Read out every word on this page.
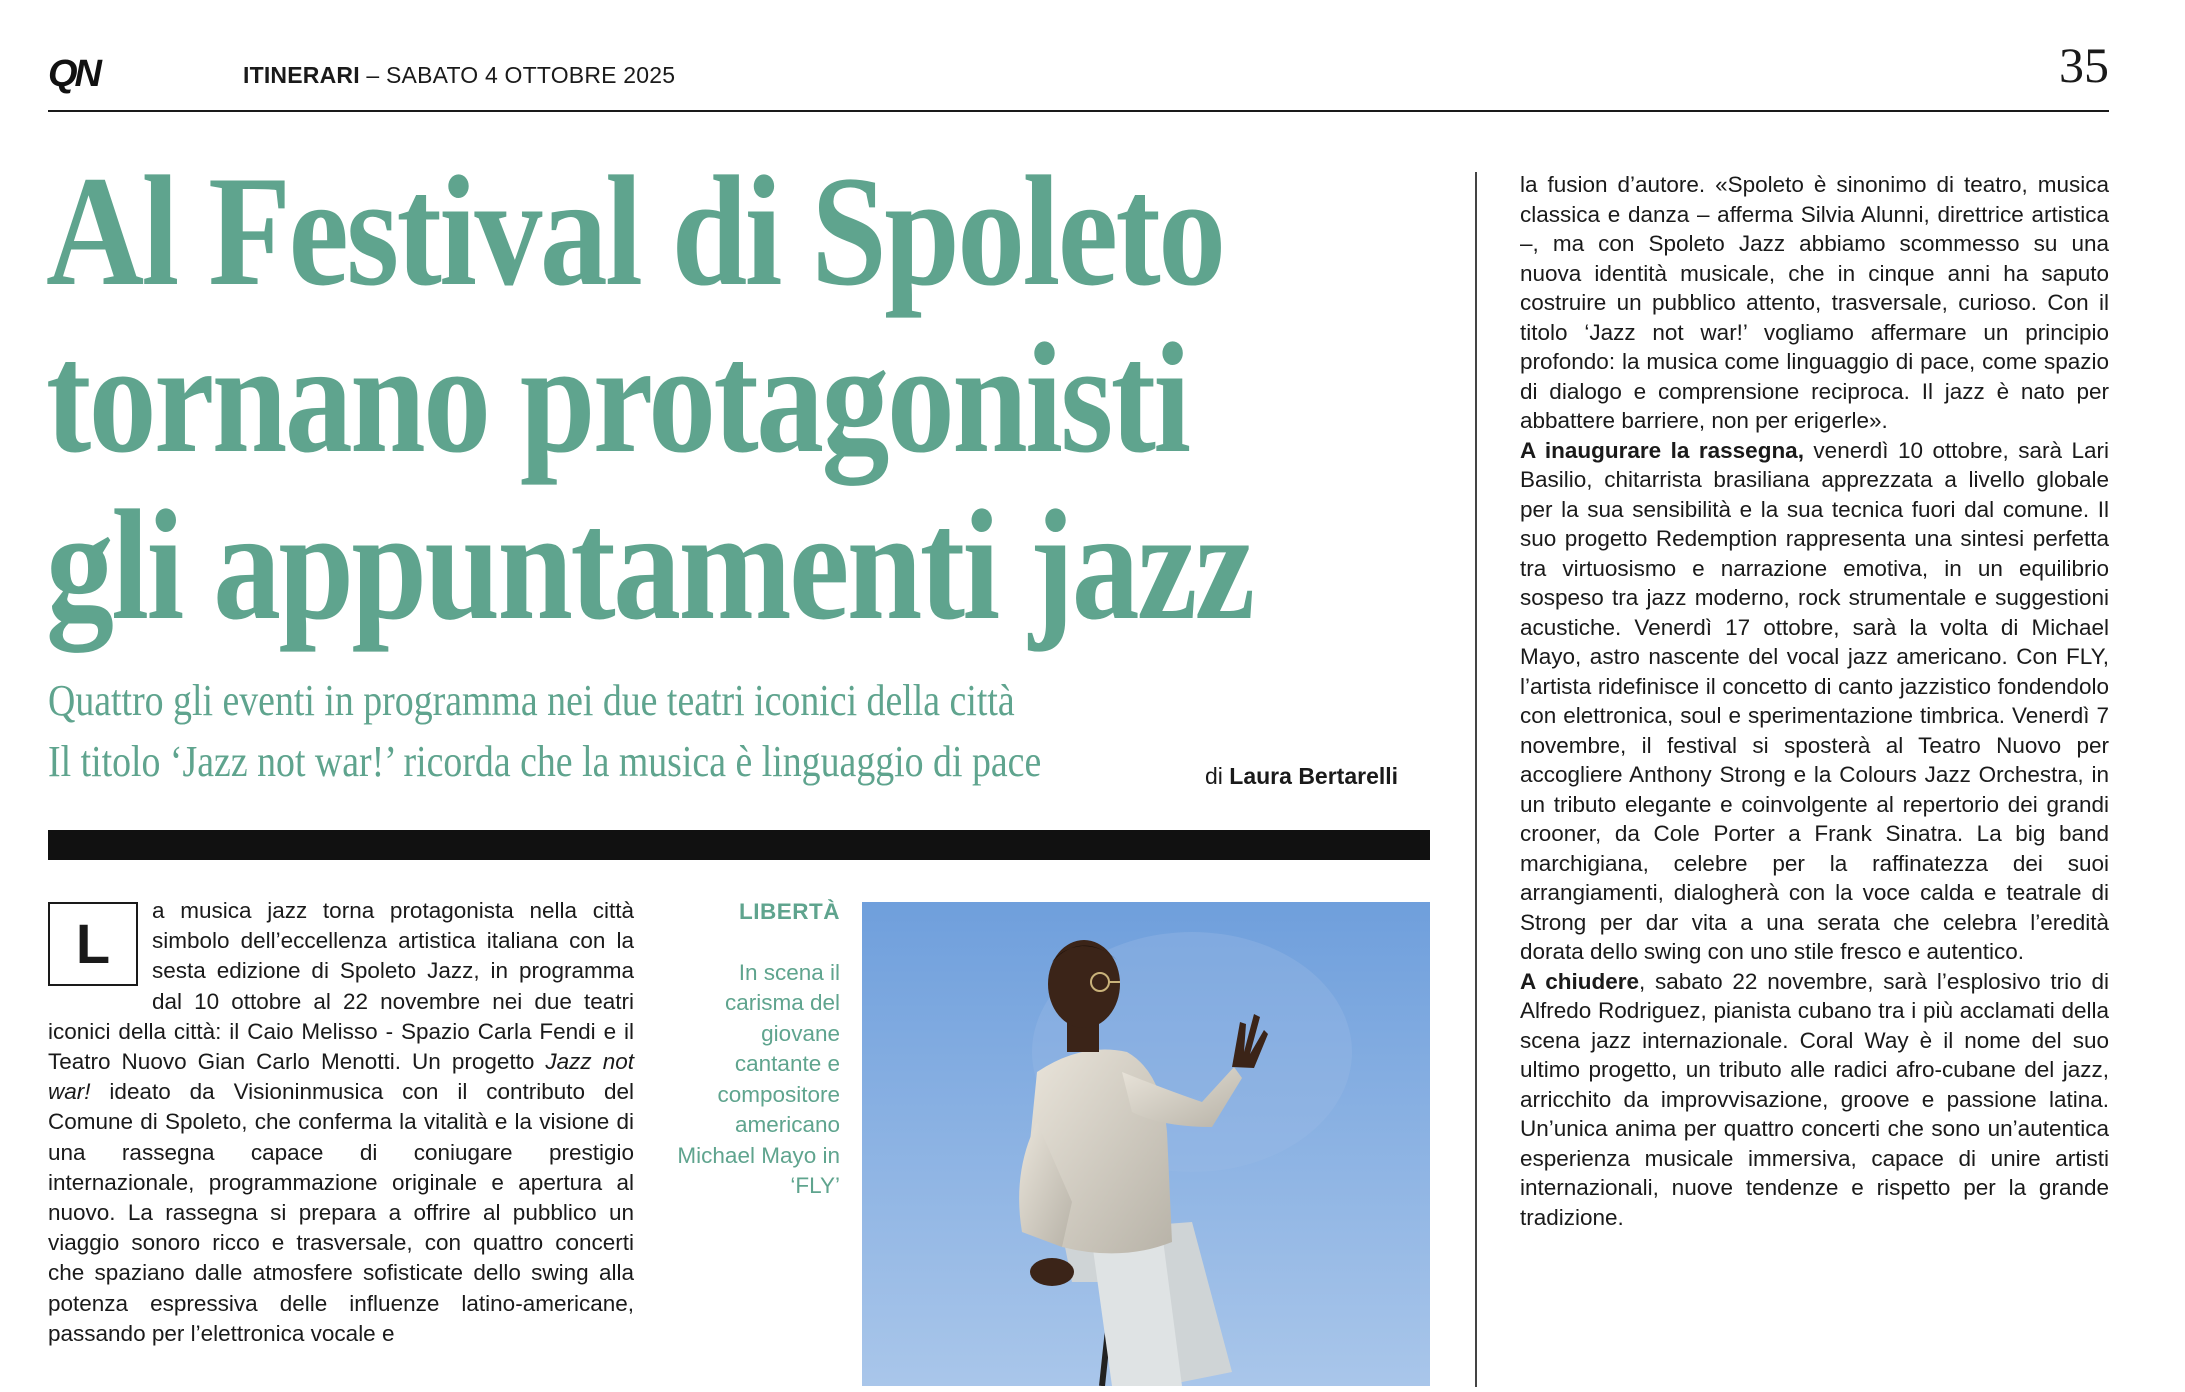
QN	ITINERARI – SABATO 4 OTTOBRE 2025	35
Al Festival di Spoleto
tornano protagonisti
gli appuntamenti jazz
Quattro gli eventi in programma nei due teatri iconici della città
Il titolo ‘Jazz not war!’ ricorda che la musica è linguaggio di pace	di Laura Bertarelli
L
a musica jazz torna protagonista nella città simbolo dell’eccellenza artistica italiana con la sesta edizione di Spoleto Jazz, in programma dal 10 ottobre al 22 novembre nei due teatri iconici della città: il Caio Melisso - Spazio Carla Fendi e il Teatro Nuovo Gian Carlo Menotti. Un progetto Jazz not war! ideato da Visioninmusica con il contributo del Comune di Spoleto, che conferma la vitalità e la visione di una rassegna capace di coniugare prestigio internazionale, programmazione originale e apertura al nuovo. La rassegna si prepara a offrire al pubblico un viaggio sonoro ricco e trasversale, con quattro concerti che spaziano dalle atmosfere sofisticate dello swing alla potenza espressiva delle influenze latino-americane, passando per l’elettronica vocale e
LIBERTÀ
In scena il carisma del giovane cantante e compositore americano Michael Mayo in ‘FLY’

la fusion d’autore. «Spoleto è sinonimo di teatro, musica classica e danza – afferma Silvia Alunni, direttrice artistica –, ma con Spoleto Jazz abbiamo scommesso su una nuova identità musicale, che in cinque anni ha saputo costruire un pubblico attento, trasversale, curioso. Con il titolo ‘Jazz not war!’ vogliamo affermare un principio profondo: la musica come linguaggio di pace, come spazio di dialogo e comprensione reciproca. Il jazz è nato per abbattere barriere, non per erigerle».

A inaugurare la rassegna, venerdì 10 ottobre, sarà Lari Basilio, chitarrista brasiliana apprezzata a livello globale per la sua sensibilità e la sua tecnica fuori dal comune. Il suo progetto Redemption rappresenta una sintesi perfetta tra virtuosismo e narrazione emotiva, in un equilibrio sospeso tra jazz moderno, rock strumentale e suggestioni acustiche. Venerdì 17 ottobre, sarà la volta di Michael Mayo, astro nascente del vocal jazz americano. Con FLY, l’artista ridefinisce il concetto di canto jazzistico fondendolo con elettronica, soul e sperimentazione timbrica. Venerdì 7 novembre, il festival si sposterà al Teatro Nuovo per accogliere Anthony Strong e la Colours Jazz Orchestra, in un tributo elegante e coinvolgente al repertorio dei grandi crooner, da Cole Porter a Frank Sinatra. La big band marchigiana, celebre per la raffinatezza dei suoi arrangiamenti, dialogherà con la voce calda e teatrale di Strong per dar vita a una serata che celebra l’eredità dorata dello swing con uno stile fresco e autentico.

A chiudere, sabato 22 novembre, sarà l’esplosivo trio di Alfredo Rodriguez, pianista cubano tra i più acclamati della scena jazz internazionale. Coral Way è il nome del suo ultimo progetto, un tributo alle radici afro-cubane del jazz, arricchito da improvvisazione, groove e passione latina. Un’unica anima per quattro concerti che sono un’autentica esperienza musicale immersiva, capace di unire artisti internazionali, nuove tendenze e rispetto per la grande tradizione.
